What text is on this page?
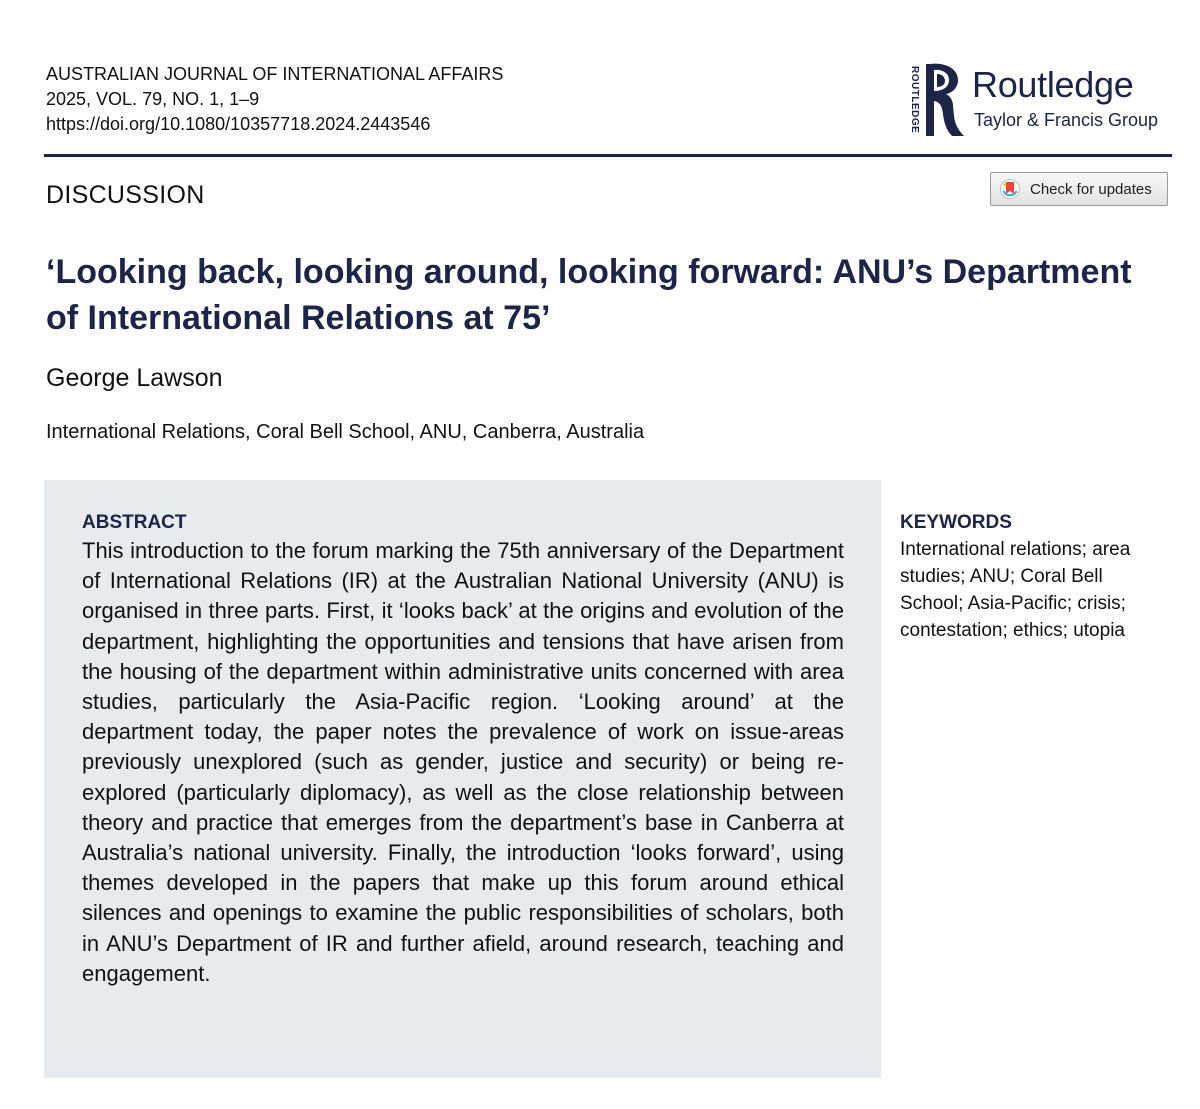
AUSTRALIAN JOURNAL OF INTERNATIONAL AFFAIRS
2025, VOL. 79, NO. 1, 1–9
https://doi.org/10.1080/10357718.2024.2443546	ROUTLEDGE Routledge
Taylor & Francis Group
DISCUSSION	Check for updates
‘Looking back, looking around, looking forward: ANU’s Department of International Relations at 75’
George Lawson
International Relations, Coral Bell School, ANU, Canberra, Australia
ABSTRACT
This introduction to the forum marking the 75th anniversary of the Department of International Relations (IR) at the Australian National University (ANU) is organised in three parts. First, it ‘looks back’ at the origins and evolution of the department, highlighting the opportunities and tensions that have arisen from the housing of the department within administrative units concerned with area studies, particularly the Asia-Pacific region. ‘Looking around’ at the department today, the paper notes the prevalence of work on issue-areas previously unexplored (such as gender, justice and security) or being re-explored (particularly diplomacy), as well as the close relationship between theory and practice that emerges from the department’s base in Canberra at Australia’s national university. Finally, the introduction ‘looks forward’, using themes developed in the papers that make up this forum around ethical silences and openings to examine the public responsibilities of scholars, both in ANU’s Department of IR and further afield, around research, teaching and engagement.
KEYWORDS
International relations; area studies; ANU; Coral Bell School; Asia-Pacific; crisis; contestation; ethics; utopia
